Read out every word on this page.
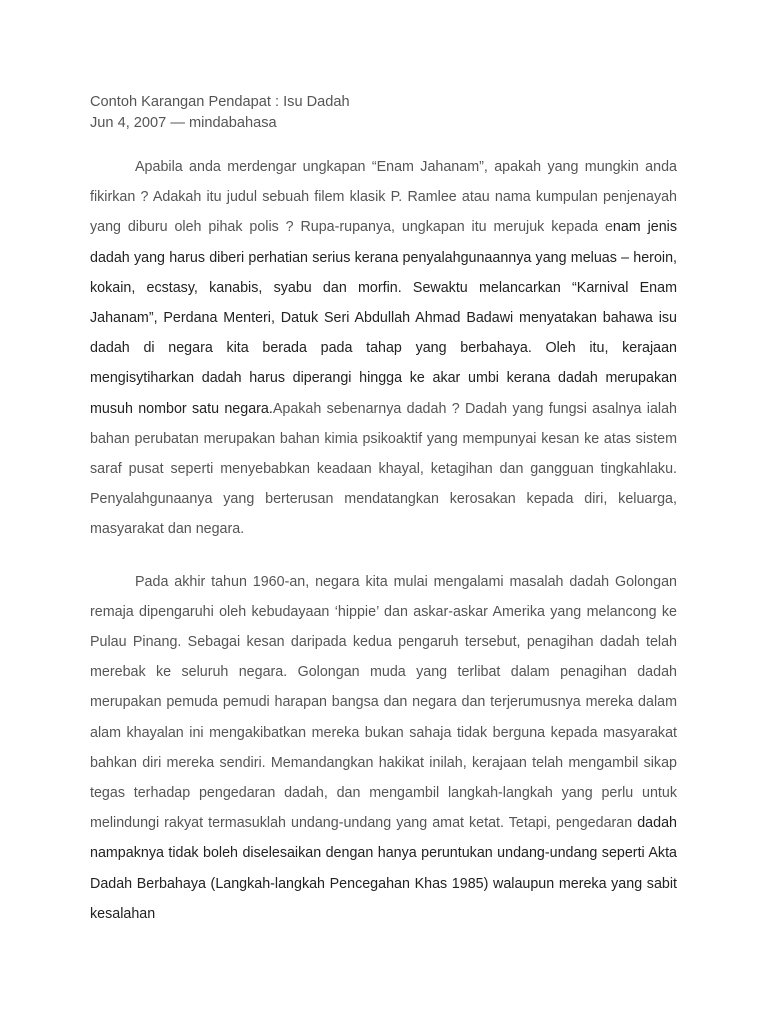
Contoh Karangan Pendapat : Isu Dadah
Jun 4, 2007 — mindabahasa

Apabila anda merdengar ungkapan “Enam Jahanam”, apakah yang mungkin anda fikirkan ? Adakah itu judul sebuah filem klasik P. Ramlee atau nama kumpulan penjenayah yang diburu oleh pihak polis ? Rupa-rupanya, ungkapan itu merujuk kepada enam jenis dadah yang harus diberi perhatian serius kerana penyalahgunaannya yang meluas – heroin, kokain, ecstasy, kanabis, syabu dan morfin. Sewaktu melancarkan “Karnival Enam Jahanam”, Perdana Menteri, Datuk Seri Abdullah Ahmad Badawi menyatakan bahawa isu dadah di negara kita berada pada tahap yang berbahaya. Oleh itu, kerajaan mengisytiharkan dadah harus diperangi hingga ke akar umbi kerana dadah merupakan musuh nombor satu negara.Apakah sebenarnya dadah ? Dadah yang fungsi asalnya ialah bahan perubatan merupakan bahan kimia psikoaktif yang mempunyai kesan ke atas sistem saraf pusat seperti menyebabkan keadaan khayal, ketagihan dan gangguan tingkahlaku. Penyalahgunaanya yang berterusan mendatangkan kerosakan kepada diri, keluarga, masyarakat dan negara.

Pada akhir tahun 1960-an, negara kita mulai mengalami masalah dadah Golongan remaja dipengaruhi oleh kebudayaan ‘hippie’ dan askar-askar Amerika yang melancong ke Pulau Pinang. Sebagai kesan daripada kedua pengaruh tersebut, penagihan dadah telah merebak ke seluruh negara. Golongan muda yang terlibat dalam penagihan dadah merupakan pemuda pemudi harapan bangsa dan negara dan terjerumusnya mereka dalam alam khayalan ini mengakibatkan mereka bukan sahaja tidak berguna kepada masyarakat bahkan diri mereka sendiri. Memandangkan hakikat inilah, kerajaan telah mengambil sikap tegas terhadap pengedaran dadah, dan mengambil langkah-langkah yang perlu untuk melindungi rakyat termasuklah undang-undang yang amat ketat. Tetapi, pengedaran dadah nampaknya tidak boleh diselesaikan dengan hanya peruntukan undang-undang seperti Akta Dadah Berbahaya (Langkah-langkah Pencegahan Khas 1985) walaupun mereka yang sabit kesalahan
